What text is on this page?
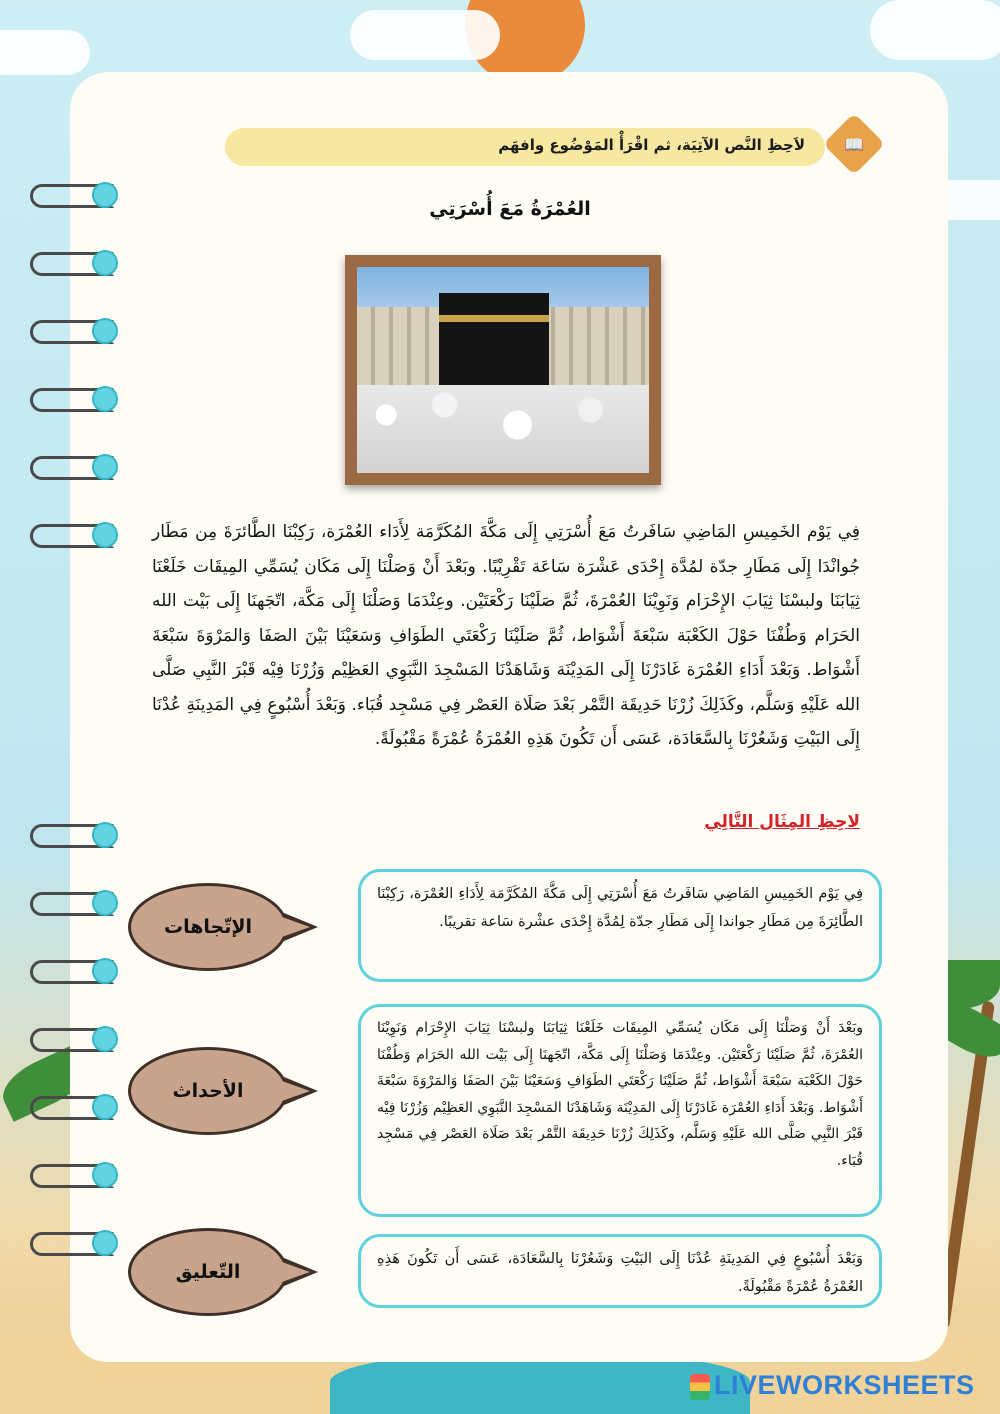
لاَحِظِ النَّص الآتِيَة، ثم اقْرَأْ المَوْضُوع وافهَم	📖
العُمْرَةُ مَعَ أُسْرَتِي
فِي يَوْم الخَمِيسِ المَاضِي سَافَرتُ مَعَ أُسْرَتِي إِلَى مَكَّةَ المُكَرَّمَة لِأَدَاء العُمْرَة، رَكِبْنَا الطَّائرَةَ مِن مَطَار جُوانْدَا إِلَى مَطَارِ جدّة لمُدَّة إِحْدَى عَشْرَة سَاعَة تَقْرِيْبًا. وبَعْدَ أَنْ وَصَلْنَا إِلَى مَكَان يُسَمِّي المِيقَات خَلَعْنَا ثِيَابَنَا ولبسْنَا ثِيَابَ الإِحْرَام وَنَوِيْنَا العُمْرَةَ، ثُمَّ صَلَيْنَا رَكْعَتَيْن. وعِنْدَمَا وَصَلْنَا إِلَى مَكَّة، اتّجَهنَا إِلَى بَيْت الله الحَرَام وَطُفْنَا حَوْلَ الكَعْبَة سَبْعَةَ أَشْوَاط، ثُمَّ صَلَيْنَا رَكْعَتَي الطَوَافِ وَسَعَيْنَا بَيْنَ الصَفَا وَالمَرْوَةَ سَبْعَةَ أَشْوَاط. وَبَعْدَ أَدَاءِ العُمْرَة غَادَرْنَا إِلَى المَدِيْنَة وَشَاهَدْنَا المَسْجِدَ النَّبَوِي العَظِيْم وَزُرْنَا فِيْه قَبْرَ النَّبِي صَلَّى الله عَلَيْهِ وَسَلَّم، وكَذَلِكَ زُرْنَا حَدِيقَة التَّمْر بَعْدَ صَلَاة العَصْر فِي مَسْجِد قُبَاء. وَبَعْدَ أُسْبُوعٍ فِي المَدِينَةِ عُدْنَا إِلَى البَيْتِ وَشَعُرْنَا بِالسَّعَادَة، عَسَى أَن تَكُونَ هَذِهِ العُمْرَةُ عُمْرَةً مَقْبُولَةً.
لاحِظِ المِثَال التَّالِي
الإتّجاهات
فِي يَوْم الخَمِيسِ المَاضِي سَافَرتُ مَعَ أُسْرَتِي إِلَى مَكَّةَ المُكَرَّمَة لِأَدَاءِ العُمْرَة، رَكِبْنَا الطَّائِرَةَ مِن مَطَارِ جواندا إِلَى مَطَارِ جدّة لِمُدَّة إِحْدَى عشْرة سَاعة تقريبًا.
الأحداث
وبَعْدَ أَنْ وَصَلْنَا إِلَى مَكَان يُسَمِّي المِيقَات خَلَعْنَا ثِيَابَنَا ولبسْنَا ثِيَابَ الإِحْرَام وَنَوِيْنَا العُمْرَةَ، ثُمَّ صَلَيْنَا رَكْعَتَيْن. وعِنْدَمَا وَصَلْنَا إِلَى مَكَّة، اتّجَهنَا إِلَى بَيْت الله الحَرَام وَطُفْنَا حَوْلَ الكَعْبَة سَبْعَةَ أَشْوَاط، ثُمَّ صَلَيْنَا رَكْعَتَي الطَوَافِ وَسَعَيْنَا بَيْنَ الصَفَا وَالمَرْوَةَ سَبْعَةَ أَشْوَاط. وَبَعْدَ أَدَاءِ العُمْرَة غَادَرْنَا إِلَى المَدِيْنَة وَشَاهَدْنَا المَسْجِدَ النَّبَوِي العَظِيْم وَزُرْنَا فِيْه قَبْرَ النَّبِي صَلَّى الله عَلَيْهِ وَسَلَّم، وكَذَلِكَ زُرْنَا حَدِيقَة التَّمْر بَعْدَ صَلَاة العَصْر فِي مَسْجِد قُبَاء.
التّعليق
وَبَعْدَ أُسْبُوعٍ فِي المَدِينَةِ عُدْنَا إِلَى البَيْتِ وَشَعُرْنَا بِالسَّعَادَة، عَسَى أَن تَكُونَ هَذِهِ العُمْرَةُ عُمْرَةً مَقْبُولَةً.
LIVEWORKSHEETS
